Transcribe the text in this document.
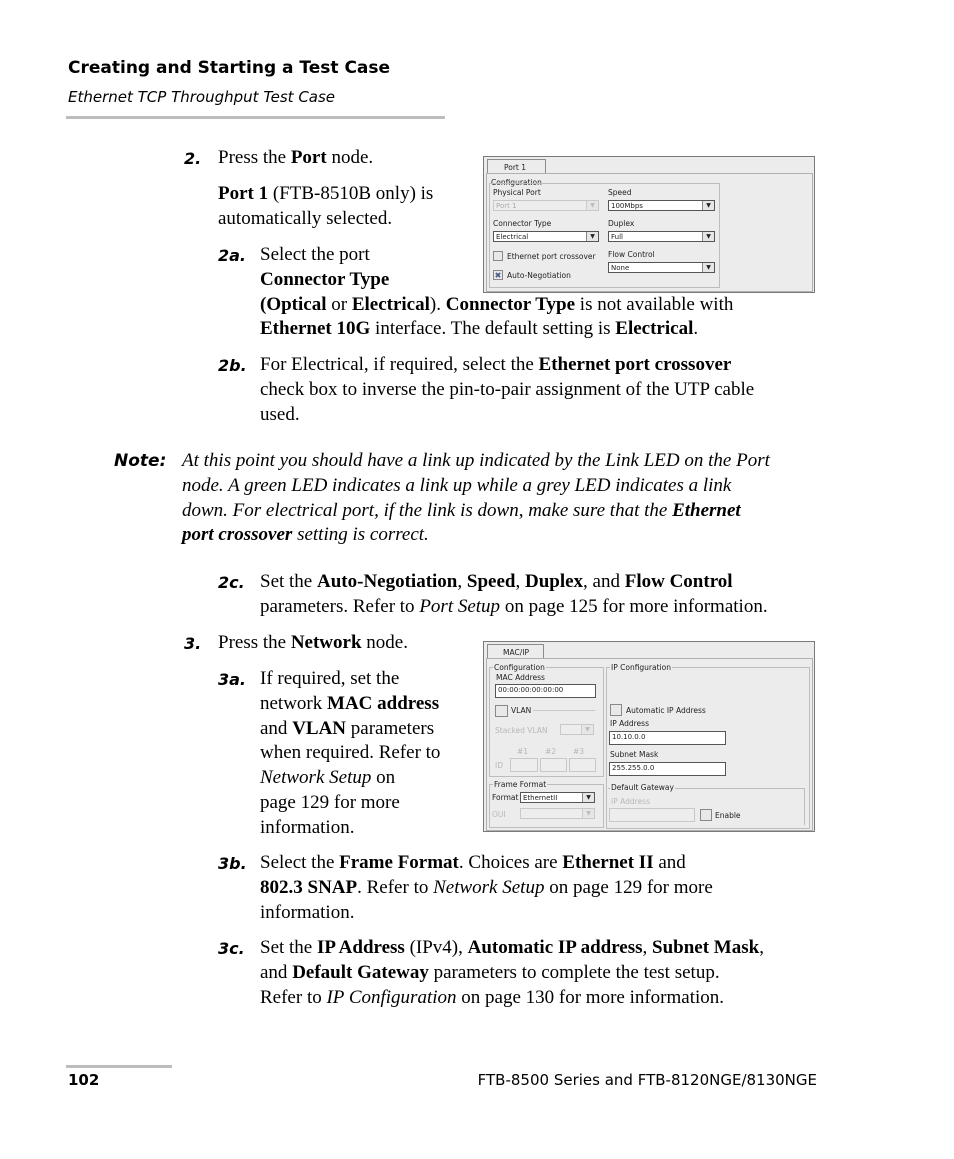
Creating and Starting a Test Case
Ethernet TCP Throughput Test Case
2. Press the Port node.
Port 1 (FTB-8510B only) is
automatically selected.
2a. Select the port
Connector Type
(Optical or Electrical). Connector Type is not available with
Ethernet 10G interface. The default setting is Electrical.
Port 1
Configuration
Physical Port
Port 1	▼
Connector Type
Electrical	▼
Ethernet port crossover
✖ Auto-Negotiation
Speed
100Mbps	▼
Duplex
Full	▼
Flow Control
None	▼
2b. For Electrical, if required, select the Ethernet port crossover
check box to inverse the pin-to-pair assignment of the UTP cable
used.
Note: At this point you should have a link up indicated by the Link LED on the Port
node. A green LED indicates a link up while a grey LED indicates a link
down. For electrical port, if the link is down, make sure that the Ethernet
port crossover setting is correct.
2c. Set the Auto-Negotiation, Speed, Duplex, and Flow Control
parameters. Refer to Port Setup on page 125 for more information.
3. Press the Network node.
3a. If required, set the
network MAC address
and VLAN parameters
when required. Refer to
Network Setup on
page 129 for more
information.
MAC/IP
Configuration
MAC Address
00:00:00:00:00:00
VLAN
Stacked VLAN	▼
#1 #2 #3
ID
Frame Format
Format EthernetII	▼
OUI	▼
IP Configuration
Automatic IP Address
IP Address
10.10.0.0
Subnet Mask
255.255.0.0
Default Gateway
IP Address
Enable
3b. Select the Frame Format. Choices are Ethernet II and
802.3 SNAP. Refer to Network Setup on page 129 for more
information.
3c. Set the IP Address (IPv4), Automatic IP address, Subnet Mask,
and Default Gateway parameters to complete the test setup.
Refer to IP Configuration on page 130 for more information.
102	FTB-8500 Series and FTB-8120NGE/8130NGE
